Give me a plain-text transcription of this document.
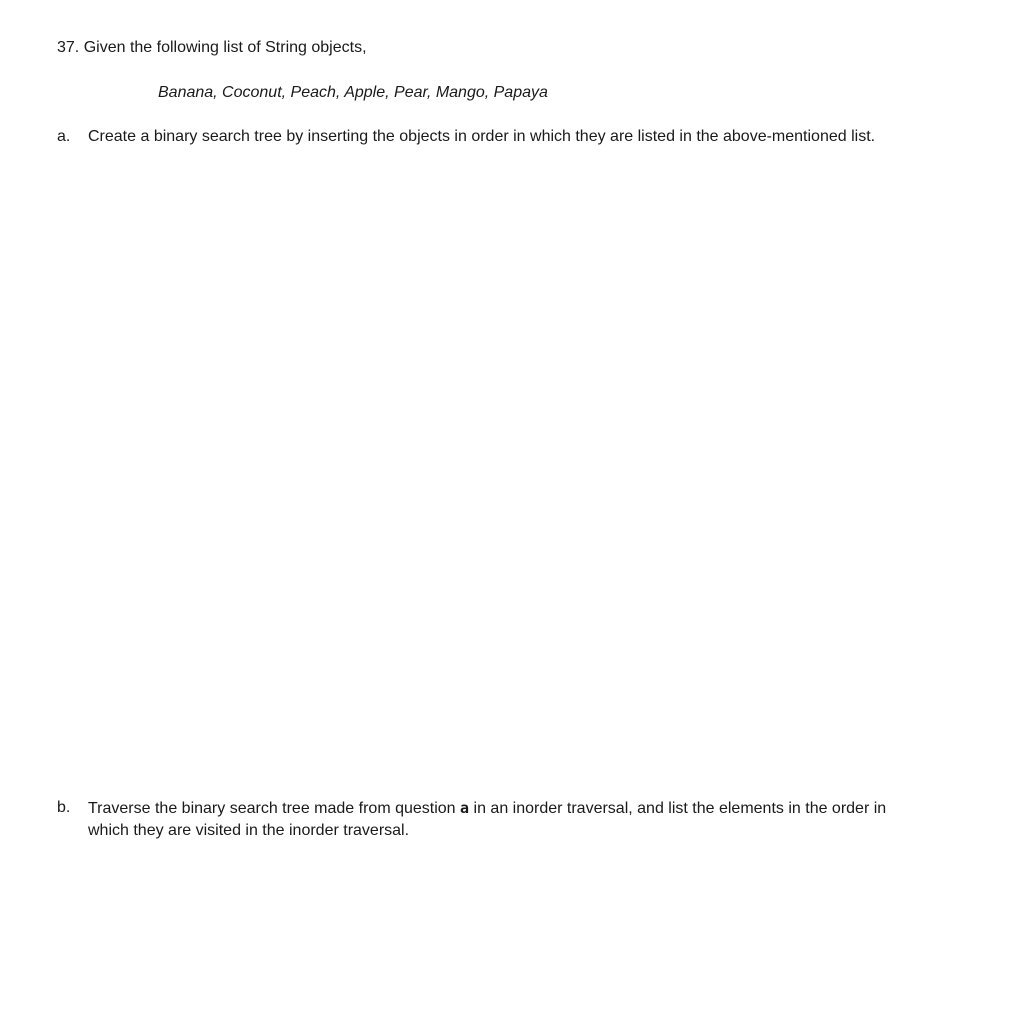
37. Given the following list of String objects,
Banana, Coconut, Peach, Apple, Pear, Mango, Papaya
a. Create a binary search tree by inserting the objects in order in which they are listed in the above-mentioned list.
b. Traverse the binary search tree made from question a in an inorder traversal, and list the elements in the order in
which they are visited in the inorder traversal.
